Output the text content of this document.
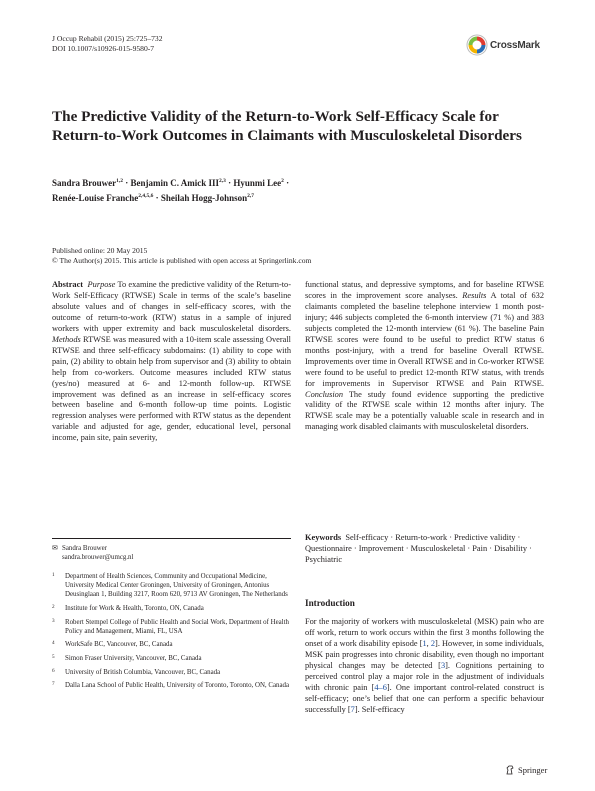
J Occup Rehabil (2015) 25:725–732
DOI 10.1007/s10926-015-9580-7	CrossMark
The Predictive Validity of the Return-to-Work Self-Efficacy Scale for Return-to-Work Outcomes in Claimants with Musculoskeletal Disorders
Sandra Brouwer$^{1,2}$ · Benjamin C. Amick III$^{2,3}$ · Hyunmi Lee$^2$ ·
Renée-Louise Franche$^{2,4,5,6}$ · Sheilah Hogg-Johnson$^{2,7}$
Published online: 20 May 2015
© The Author(s) 2015. This article is published with open access at Springerlink.com

Abstract Purpose To examine the predictive validity of the Return-to-Work Self-Efficacy (RTWSE) Scale in terms of the scale’s baseline absolute values and of changes in self-efficacy scores, with the outcome of return-to-work (RTW) status in a sample of injured workers with upper extremity and back musculoskeletal disorders. Methods RTWSE was measured with a 10-item scale assessing Overall RTWSE and three self-efficacy subdomains: (1) ability to cope with pain, (2) ability to obtain help from supervisor and (3) ability to obtain help from co-workers. Outcome measures included RTW status (yes/no) measured at 6- and 12-month follow-up. RTWSE improvement was defined as an increase in self-efficacy scores between baseline and 6-month follow-up time points. Logistic regression analyses were performed with RTW status as the dependent variable and adjusted for age, gender, educational level, personal income, pain site, pain severity,

✉ Sandra Brouwer
sandra.brouwer@umcg.nl
1 Department of Health Sciences, Community and Occupational Medicine, University Medical Center Groningen, University of Groningen, Antonius Deusinglaan 1, Building 3217, Room 620, 9713 AV Groningen, The Netherlands
2 Institute for Work & Health, Toronto, ON, Canada
3 Robert Stempel College of Public Health and Social Work, Department of Health Policy and Management, Miami, FL, USA
4 WorkSafe BC, Vancouver, BC, Canada
5 Simon Fraser University, Vancouver, BC, Canada
6 University of British Columbia, Vancouver, BC, Canada
7 Dalla Lana School of Public Health, University of Toronto, Toronto, ON, Canada

functional status, and depressive symptoms, and for baseline RTWSE scores in the improvement score analyses. Results A total of 632 claimants completed the baseline telephone interview 1 month post-injury; 446 subjects completed the 6-month interview (71 %) and 383 subjects completed the 12-month interview (61 %). The baseline Pain RTWSE scores were found to be useful to predict RTW status 6 months post-injury, with a trend for baseline Overall RTWSE. Improvements over time in Overall RTWSE and in Co-worker RTWSE were found to be useful to predict 12-month RTW status, with trends for improvements in Supervisor RTWSE and Pain RTWSE. Conclusion The study found evidence supporting the predictive validity of the RTWSE scale within 12 months after injury. The RTWSE scale may be a potentially valuable scale in research and in managing work disabled claimants with musculoskeletal disorders.

Keywords Self-efficacy · Return-to-work · Predictive validity · Questionnaire · Improvement · Musculoskeletal · Pain · Disability · Psychiatric
Introduction
For the majority of workers with musculoskeletal (MSK) pain who are off work, return to work occurs within the first 3 months following the onset of a work disability episode [1, 2]. However, in some individuals, MSK pain progresses into chronic disability, even though no important physical changes may be detected [3]. Cognitions pertaining to perceived control play a major role in the adjustment of individuals with chronic pain [4–6]. One important control-related construct is self-efficacy; one’s belief that one can perform a specific behaviour successfully [7]. Self-efficacy
Springer
